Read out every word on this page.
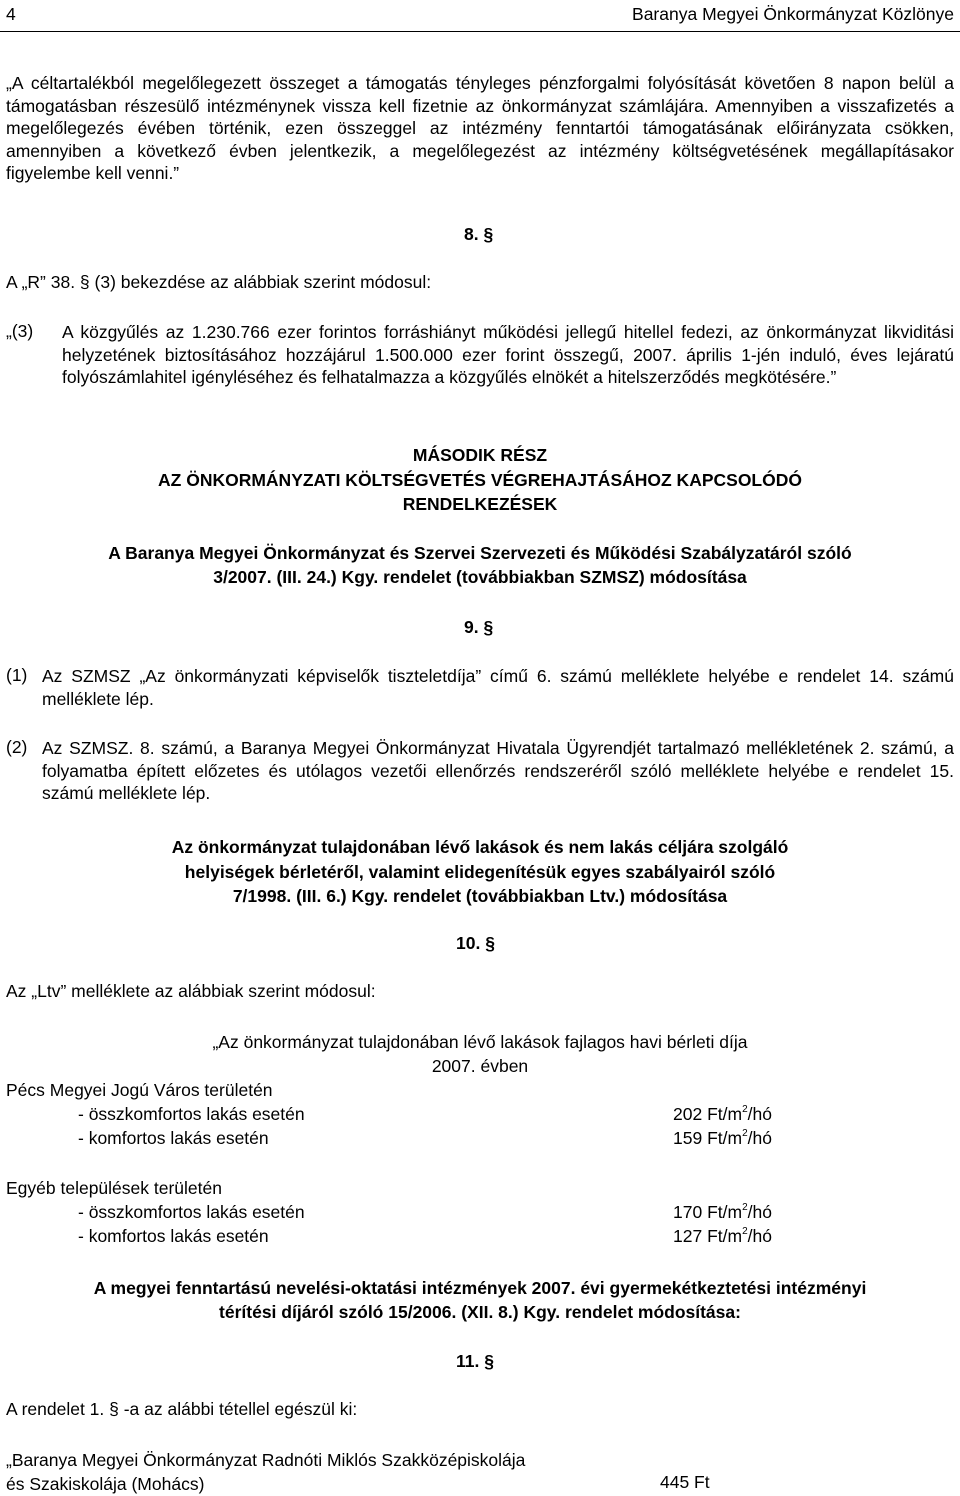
4	Baranya Megyei Önkormányzat Közlönye
„A céltartalékból megelőlegezett összeget a támogatás tényleges pénzforgalmi folyósítását követően 8 napon belül a támogatásban részesülő intézménynek vissza kell fizetnie az önkormányzat számlájára. Amennyiben a visszafizetés a megelőlegezés évében történik, ezen összeggel az intézmény fenntartói támogatásának előirányzata csökken, amennyiben a következő évben jelentkezik, a megelőlegezést az intézmény költségvetésének megállapításakor figyelembe kell venni.”
8. §
A „R” 38. § (3) bekezdése az alábbiak szerint módosul:
„(3) A közgyűlés az 1.230.766 ezer forintos forráshiányt működési jellegű hitellel fedezi, az önkormányzat likviditási helyzetének biztosításához hozzájárul 1.500.000 ezer forint összegű, 2007. április 1-jén induló, éves lejáratú folyószámlahitel igényléséhez és felhatalmazza a közgyűlés elnökét a hitelszerződés megkötésére.”
MÁSODIK RÉSZ
AZ ÖNKORMÁNYZATI KÖLTSÉGVETÉS VÉGREHAJTÁSÁHOZ KAPCSOLÓDÓ
RENDELKEZÉSEK
A Baranya Megyei Önkormányzat és Szervei Szervezeti és Működési Szabályzatáról szóló
3/2007. (III. 24.) Kgy. rendelet (továbbiakban SZMSZ) módosítása
9. §
(1) Az SZMSZ „Az önkormányzati képviselők tiszteletdíja” című 6. számú melléklete helyébe e rendelet 14. számú melléklete lép.
(2) Az SZMSZ. 8. számú, a Baranya Megyei Önkormányzat Hivatala Ügyrendjét tartalmazó mellékletének 2. számú, a folyamatba épített előzetes és utólagos vezetői ellenőrzés rendszeréről szóló melléklete helyébe e rendelet 15. számú melléklete lép.
Az önkormányzat tulajdonában lévő lakások és nem lakás céljára szolgáló
helyiségek bérletéről, valamint elidegenítésük egyes szabályairól szóló
7/1998. (III. 6.) Kgy. rendelet (továbbiakban Ltv.) módosítása
10. §
Az „Ltv” melléklete az alábbiak szerint módosul:
„Az önkormányzat tulajdonában lévő lakások fajlagos havi bérleti díja
2007. évben
Pécs Megyei Jogú Város területén
- összkomfortos lakás esetén	202 $Ft/m^2/hó$
- komfortos lakás esetén	159 $Ft/m^2/hó$
Egyéb települések területén
- összkomfortos lakás esetén	170 $Ft/m^2/hó$
- komfortos lakás esetén	127 $Ft/m^2/hó$
A megyei fenntartású nevelési-oktatási intézmények 2007. évi gyermekétkeztetési intézményi
térítési díjáról szóló 15/2006. (XII. 8.) Kgy. rendelet módosítása:
11. §
A rendelet 1. § -a az alábbi tétellel egészül ki:
„Baranya Megyei Önkormányzat Radnóti Miklós Szakközépiskolája
és Szakiskolája (Mohács)	445 Ft
